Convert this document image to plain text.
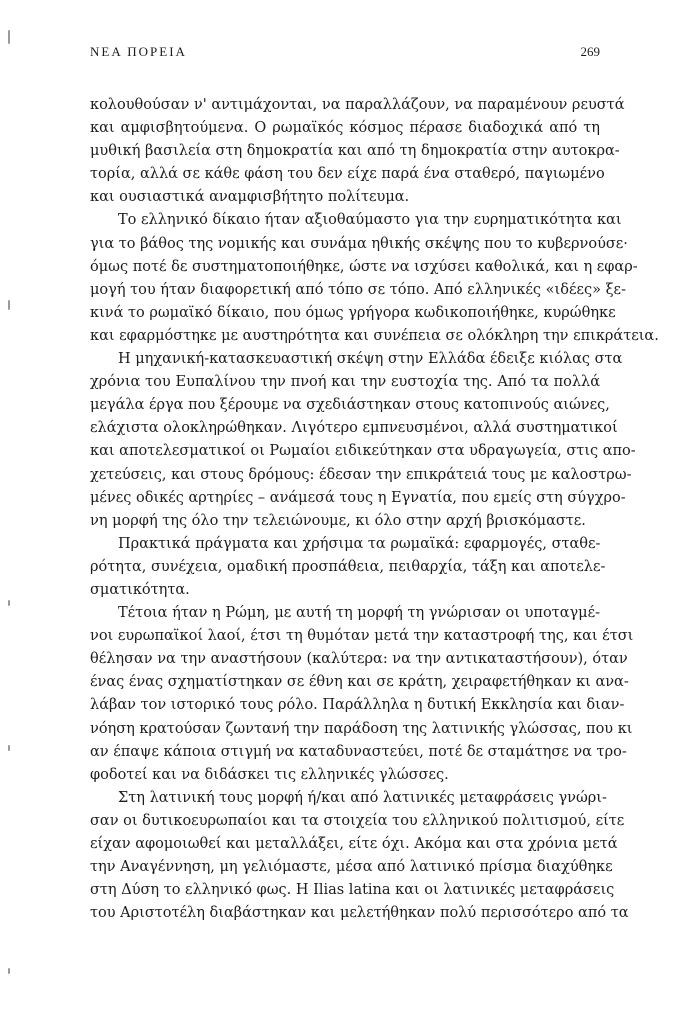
ΝΕΑ ΠΟΡΕΙΑ	269
κολουθούσαν ν' αντιμάχονται, να παραλλάζουν, να παραμένουν ρευστά
και αμφισβητούμενα. Ο ρωμαϊκός κόσμος πέρασε διαδοχικά από τη
μυθική βασιλεία στη δημοκρατία και από τη δημοκρατία στην αυτοκρα-
τορία, αλλά σε κάθε φάση του δεν είχε παρά ένα σταθερό, παγιωμένο
και ουσιαστικά αναμφισβήτητο πολίτευμα.
Το ελληνικό δίκαιο ήταν αξιοθαύμαστο για την ευρηματικότητα και
για το βάθος της νομικής και συνάμα ηθικής σκέψης που το κυβερνούσε·
όμως ποτέ δε συστηματοποιήθηκε, ώστε να ισχύσει καθολικά, και η εφαρ-
μογή του ήταν διαφορετική από τόπο σε τόπο. Από ελληνικές «ιδέες» ξε-
κινά το ρωμαϊκό δίκαιο, που όμως γρήγορα κωδικοποιήθηκε, κυρώθηκε
και εφαρμόστηκε με αυστηρότητα και συνέπεια σε ολόκληρη την επικράτεια.
Η μηχανική-κατασκευαστική σκέψη στην Ελλάδα έδειξε κιόλας στα
χρόνια του Ευπαλίνου την πνοή και την ευστοχία της. Από τα πολλά
μεγάλα έργα που ξέρουμε να σχεδιάστηκαν στους κατοπινούς αιώνες,
ελάχιστα ολοκληρώθηκαν. Λιγότερο εμπνευσμένοι, αλλά συστηματικοί
και αποτελεσματικοί οι Ρωμαίοι ειδικεύτηκαν στα υδραγωγεία, στις απο-
χετεύσεις, και στους δρόμους: έδεσαν την επικράτειά τους με καλοστρω-
μένες οδικές αρτηρίες – ανάμεσά τους η Εγνατία, που εμείς στη σύγχρο-
νη μορφή της όλο την τελειώνουμε, κι όλο στην αρχή βρισκόμαστε.
Πρακτικά πράγματα και χρήσιμα τα ρωμαϊκά: εφαρμογές, σταθε-
ρότητα, συνέχεια, ομαδική προσπάθεια, πειθαρχία, τάξη και αποτελε-
σματικότητα.
Τέτοια ήταν η Ρώμη, με αυτή τη μορφή τη γνώρισαν οι υποταγμέ-
νοι ευρωπαϊκοί λαοί, έτσι τη θυμόταν μετά την καταστροφή της, και έτσι
θέλησαν να την αναστήσουν (καλύτερα: να την αντικαταστήσουν), όταν
ένας ένας σχηματίστηκαν σε έθνη και σε κράτη, χειραφετήθηκαν κι ανα-
λάβαν τον ιστορικό τους ρόλο. Παράλληλα η δυτική Εκκλησία και διαν-
νόηση κρατούσαν ζωντανή την παράδοση της λατινικής γλώσσας, που κι
αν έπαψε κάποια στιγμή να καταδυναστεύει, ποτέ δε σταμάτησε να τρο-
φοδοτεί και να διδάσκει τις ελληνικές γλώσσες.
Στη λατινική τους μορφή ή/και από λατινικές μεταφράσεις γνώρι-
σαν οι δυτικοευρωπαίοι και τα στοιχεία του ελληνικού πολιτισμού, είτε
είχαν αφομοιωθεί και μεταλλάξει, είτε όχι. Ακόμα και στα χρόνια μετά
την Αναγέννηση, μη γελιόμαστε, μέσα από λατινικό πρίσμα διαχύθηκε
στη Δύση το ελληνικό φως. Η Ilias latina και οι λατινικές μεταφράσεις
του Αριστοτέλη διαβάστηκαν και μελετήθηκαν πολύ περισσότερο από τα
